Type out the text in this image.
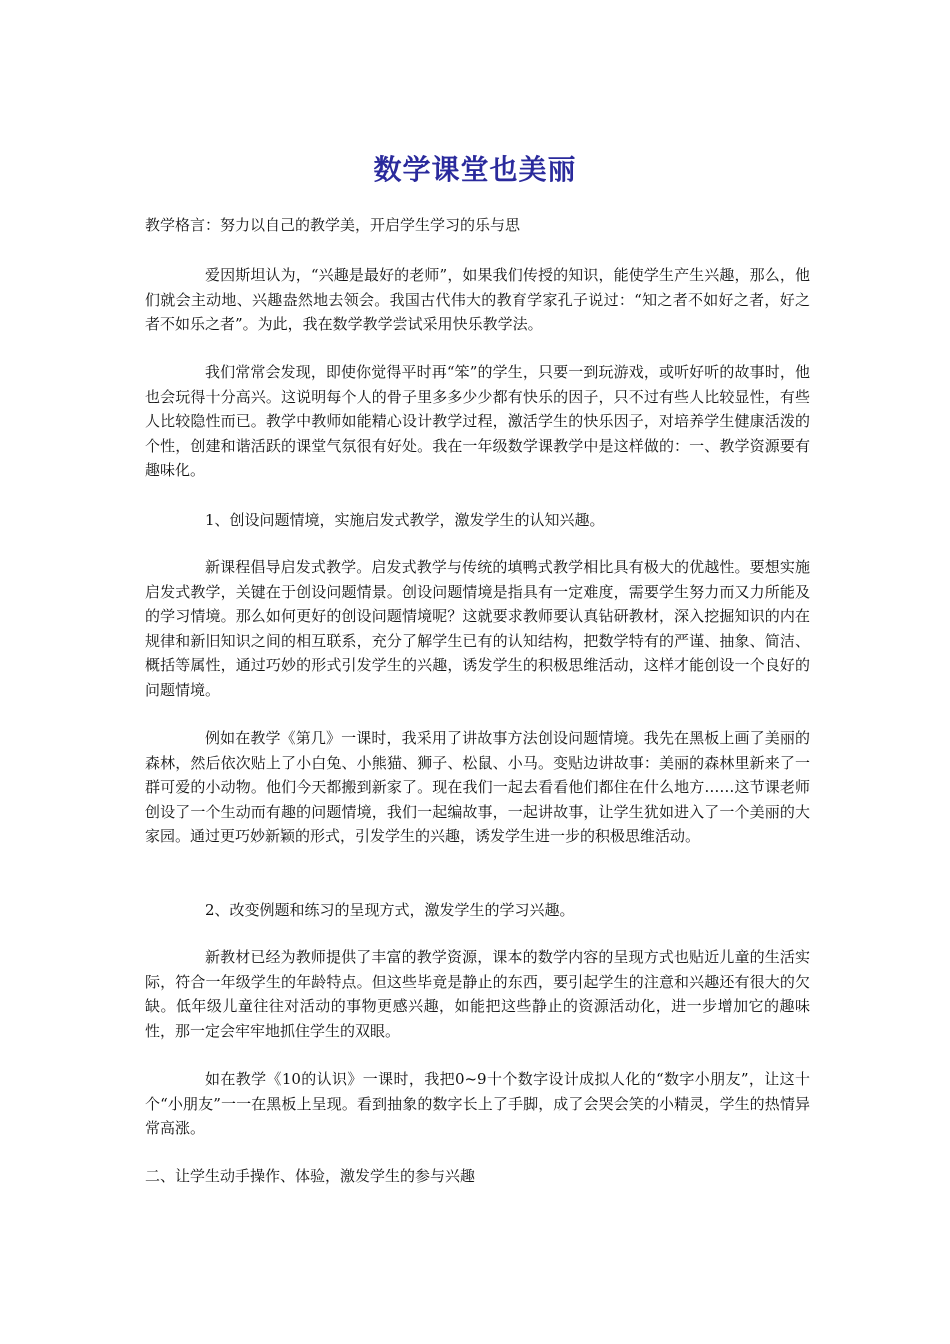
数学课堂也美丽

教学格言：努力以自己的教学美，开启学生学习的乐与思

爱因斯坦认为，“兴趣是最好的老师”，如果我们传授的知识，能使学生产生兴趣，那么，他们就会主动地、兴趣盎然地去领会。我国古代伟大的教育学家孔子说过：“知之者不如好之者，好之者不如乐之者”。为此，我在数学教学尝试采用快乐教学法。

我们常常会发现，即使你觉得平时再“笨”的学生，只要一到玩游戏，或听好听的故事时，他也会玩得十分高兴。这说明每个人的骨子里多多少少都有快乐的因子，只不过有些人比较显性，有些人比较隐性而已。教学中教师如能精心设计教学过程，激活学生的快乐因子，对培养学生健康活泼的个性，创建和谐活跃的课堂气氛很有好处。我在一年级数学课教学中是这样做的：一、教学资源要有趣味化。

1、创设问题情境，实施启发式教学，激发学生的认知兴趣。

新课程倡导启发式教学。启发式教学与传统的填鸭式教学相比具有极大的优越性。要想实施启发式教学，关键在于创设问题情景。创设问题情境是指具有一定难度，需要学生努力而又力所能及的学习情境。那么如何更好的创设问题情境呢？这就要求教师要认真钻研教材，深入挖掘知识的内在规律和新旧知识之间的相互联系，充分了解学生已有的认知结构，把数学特有的严谨、抽象、简洁、概括等属性，通过巧妙的形式引发学生的兴趣，诱发学生的积极思维活动，这样才能创设一个良好的问题情境。

例如在教学《第几》一课时，我采用了讲故事方法创设问题情境。我先在黑板上画了美丽的森林，然后依次贴上了小白兔、小熊猫、狮子、松鼠、小马。变贴边讲故事：美丽的森林里新来了一群可爱的小动物。他们今天都搬到新家了。现在我们一起去看看他们都住在什么地方……这节课老师创设了一个生动而有趣的问题情境，我们一起编故事，一起讲故事，让学生犹如进入了一个美丽的大家园。通过更巧妙新颖的形式，引发学生的兴趣，诱发学生进一步的积极思维活动。

2、改变例题和练习的呈现方式，激发学生的学习兴趣。

新教材已经为教师提供了丰富的教学资源，课本的数学内容的呈现方式也贴近儿童的生活实际，符合一年级学生的年龄特点。但这些毕竟是静止的东西，要引起学生的注意和兴趣还有很大的欠缺。低年级儿童往往对活动的事物更感兴趣，如能把这些静止的资源活动化，进一步增加它的趣味性，那一定会牢牢地抓住学生的双眼。

如在教学《10的认识》一课时，我把0~9十个数字设计成拟人化的“数字小朋友”，让这十个“小朋友”一一在黑板上呈现。看到抽象的数字长上了手脚，成了会哭会笑的小精灵，学生的热情异常高涨。

二、让学生动手操作、体验，激发学生的参与兴趣
